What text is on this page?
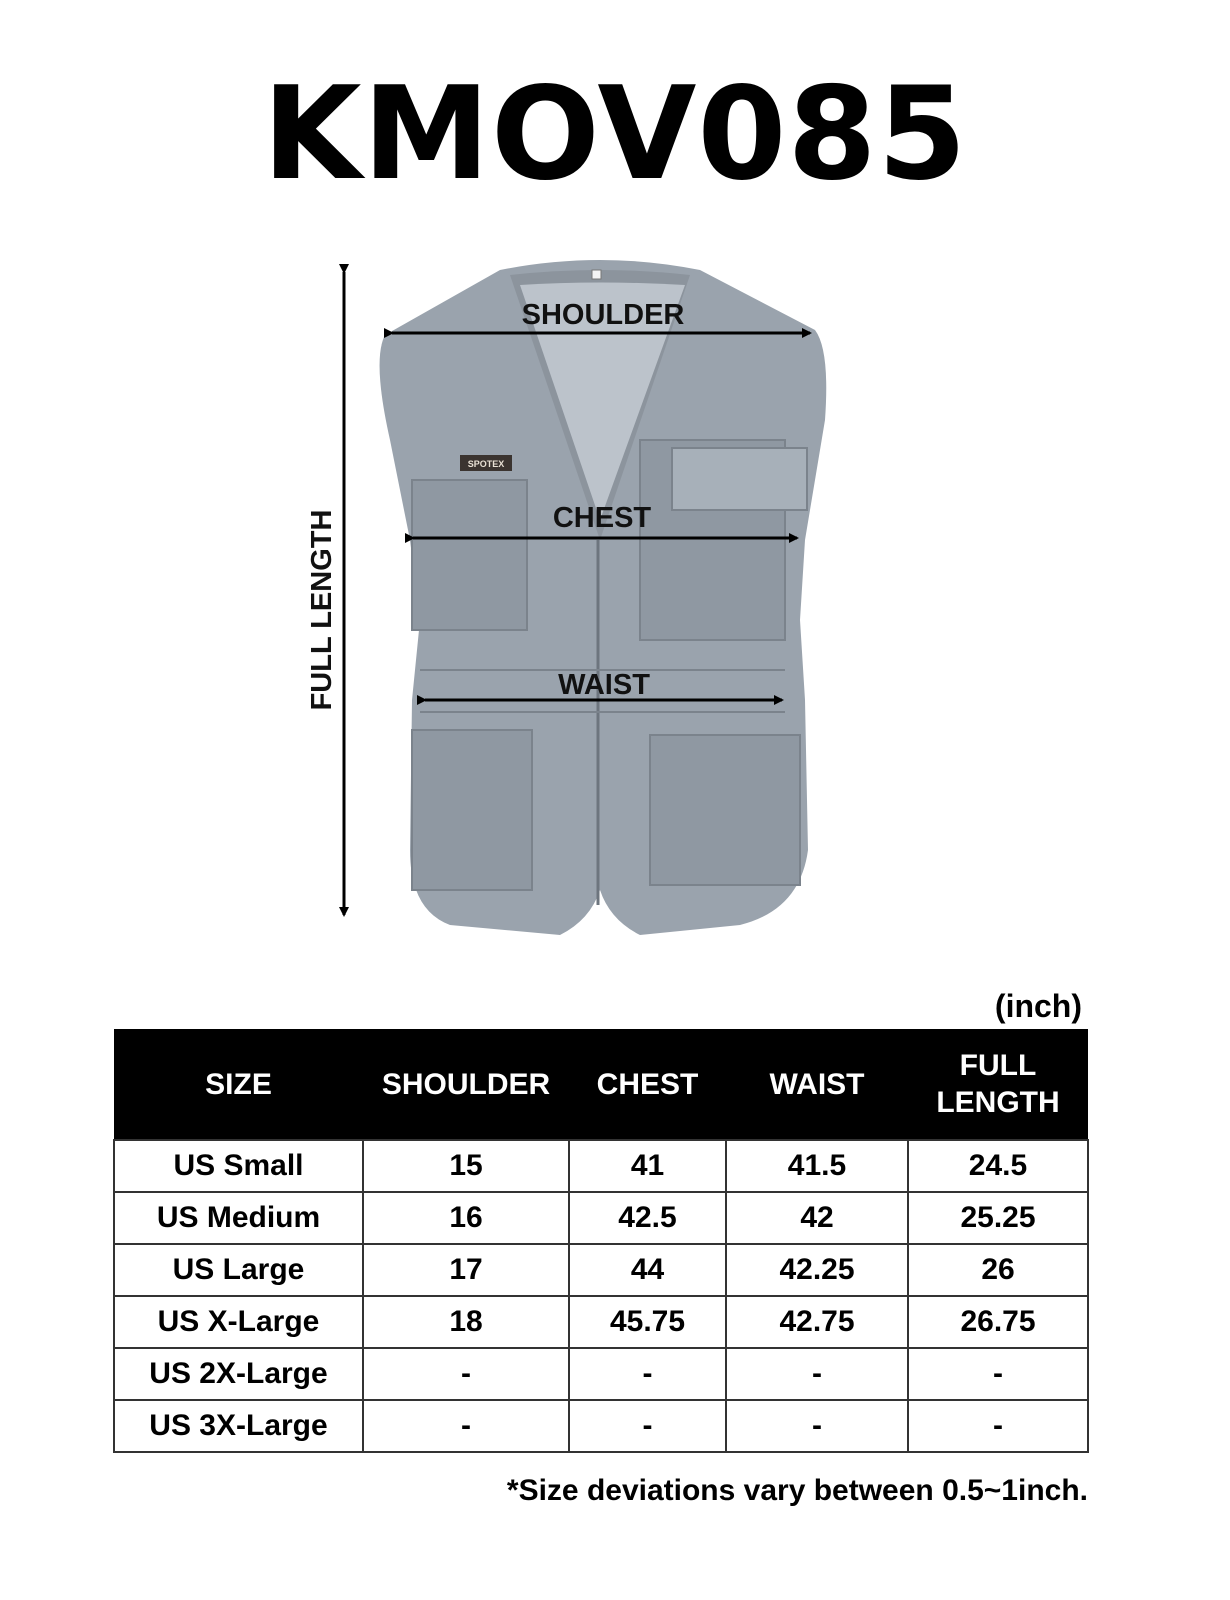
KMOV085
SPOTEX
SHOULDER
CHEST
WAIST
FULL LENGTH
(inch)
SIZE	SHOULDER	CHEST	WAIST	FULL LENGTH
US Small	15	41	41.5	24.5
US Medium	16	42.5	42	25.25
US Large	17	44	42.25	26
US X-Large	18	45.75	42.75	26.75
US 2X-Large	-	-	-	-
US 3X-Large	-	-	-	-
*Size deviations vary between 0.5~1inch.
